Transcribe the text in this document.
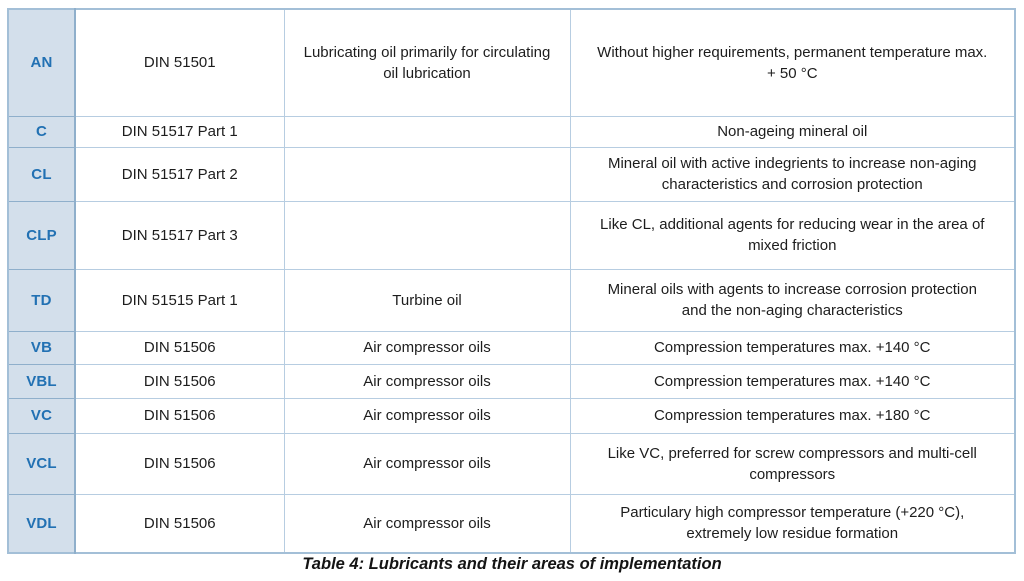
AN	DIN 51501	Lubricating oil primarily for circulating oil lubrication	Without higher requirements, permanent temperature max. + 50 °C
C	DIN 51517 Part 1		Non-ageing mineral oil
CL	DIN 51517 Part 2		Mineral oil with active indegrients to increase non-aging characteristics and corrosion protection
CLP	DIN 51517 Part 3		Like CL, additional agents for reducing wear in the area of mixed friction
TD	DIN 51515 Part 1	Turbine oil	Mineral oils with agents to increase corrosion protection and the non-aging characteristics
VB	DIN 51506	Air compressor oils	Compression temperatures max. +140 °C
VBL	DIN 51506	Air compressor oils	Compression temperatures max. +140 °C
VC	DIN 51506	Air compressor oils	Compression temperatures max. +180 °C
VCL	DIN 51506	Air compressor oils	Like VC, preferred for screw compressors and multi-cell compressors
VDL	DIN 51506	Air compressor oils	Particulary high compressor temperature (+220 °C), extremely low residue formation
Table 4: Lubricants and their areas of implementation
